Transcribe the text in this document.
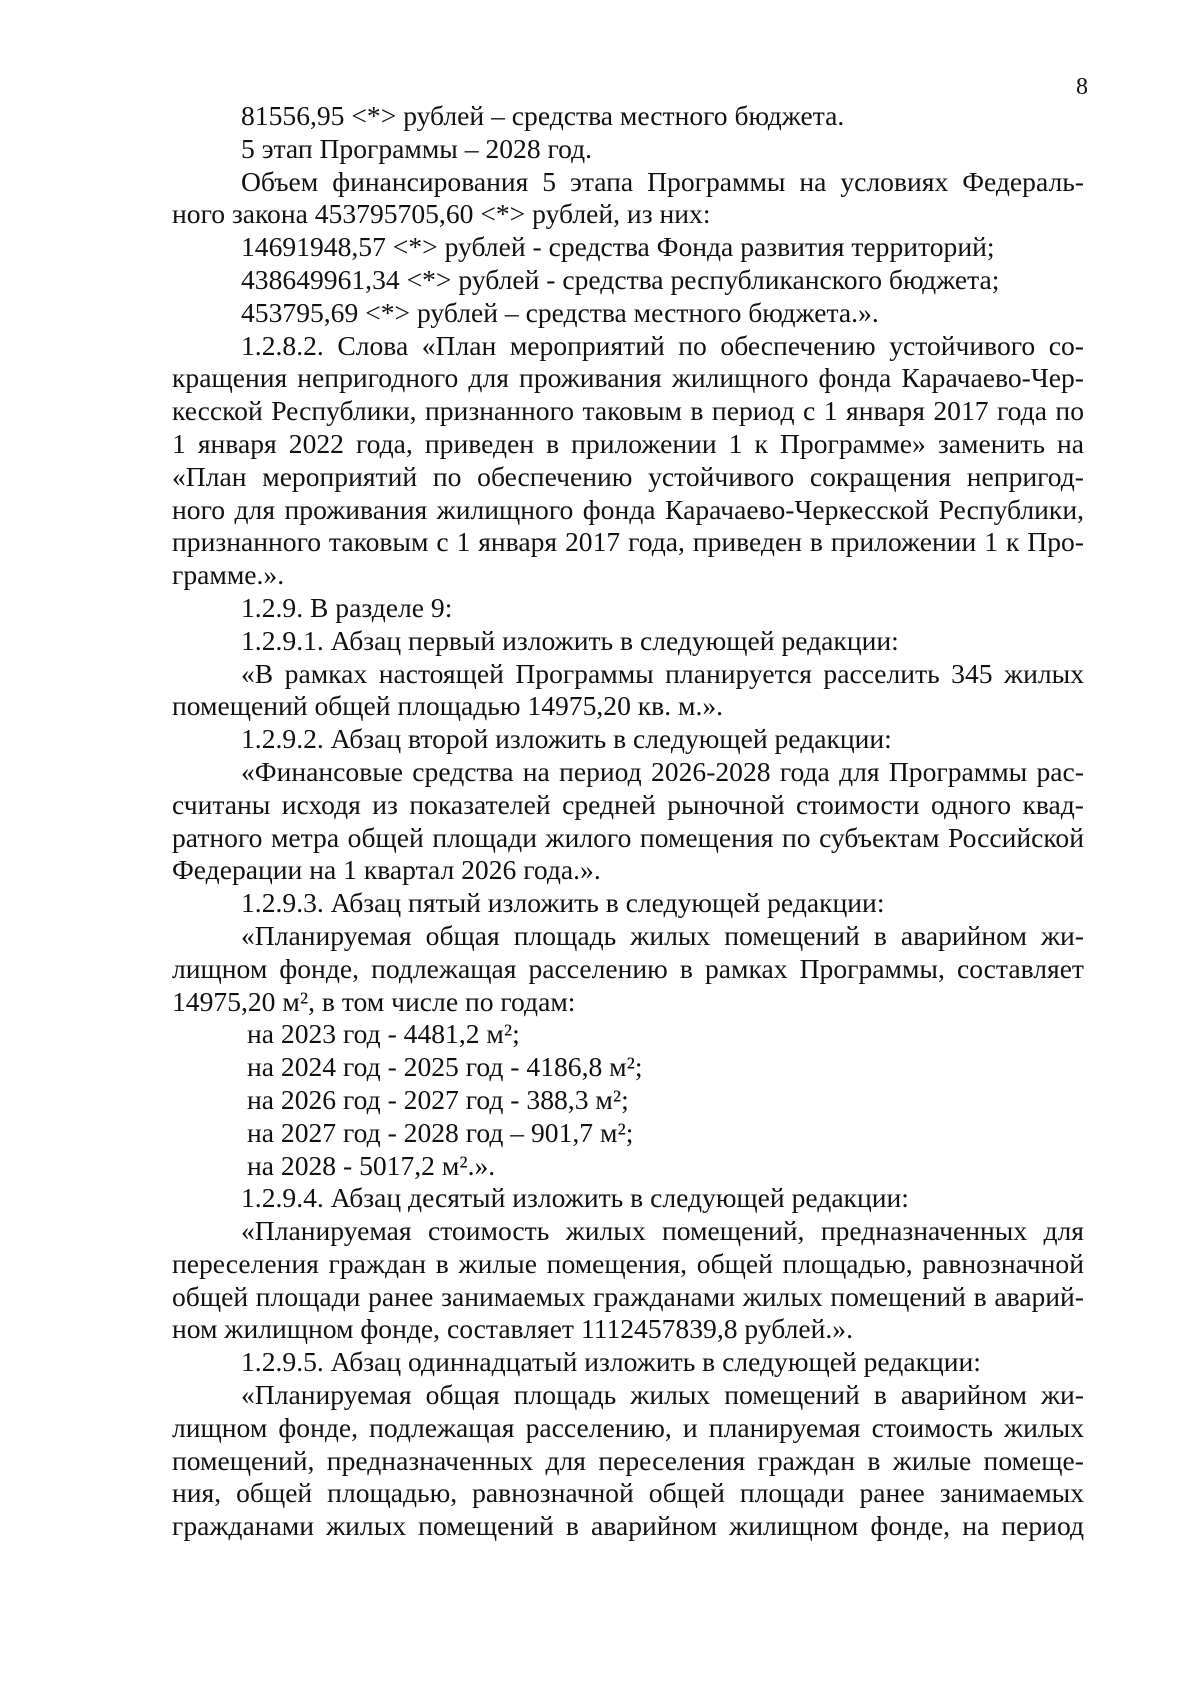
8
81556,95 <*> рублей – средства местного бюджета.
5 этап Программы – 2028 год.
Объем финансирования 5 этапа Программы на условиях Федераль-
ного закона 453795705,60 <*> рублей, из них:
14691948,57 <*> рублей - средства Фонда развития территорий;
438649961,34 <*> рублей - средства республиканского бюджета;
453795,69 <*> рублей – средства местного бюджета.».
1.2.8.2. Слова «План мероприятий по обеспечению устойчивого со-
кращения непригодного для проживания жилищного фонда Карачаево-Чер-
кесской Республики, признанного таковым в период с 1 января 2017 года по
1 января 2022 года, приведен в приложении 1 к Программе» заменить на
«План мероприятий по обеспечению устойчивого сокращения непригод-
ного для проживания жилищного фонда Карачаево-Черкесской Республики,
признанного таковым с 1 января 2017 года, приведен в приложении 1 к Про-
грамме.».
1.2.9. В разделе 9:
1.2.9.1. Абзац первый изложить в следующей редакции:
«В рамках настоящей Программы планируется расселить 345 жилых
помещений общей площадью 14975,20 кв. м.».
1.2.9.2. Абзац второй изложить в следующей редакции:
«Финансовые средства на период 2026-2028 года для Программы рас-
считаны исходя из показателей средней рыночной стоимости одного квад-
ратного метра общей площади жилого помещения по субъектам Российской
Федерации на 1 квартал 2026 года.».
1.2.9.3. Абзац пятый изложить в следующей редакции:
«Планируемая общая площадь жилых помещений в аварийном жи-
лищном фонде, подлежащая расселению в рамках Программы, составляет
14975,20 м², в том числе по годам:
на 2023 год - 4481,2 м²;
на 2024 год - 2025 год - 4186,8 м²;
на 2026 год - 2027 год - 388,3 м²;
на 2027 год - 2028 год – 901,7 м²;
на 2028 - 5017,2 м².».
1.2.9.4. Абзац десятый изложить в следующей редакции:
«Планируемая стоимость жилых помещений, предназначенных для
переселения граждан в жилые помещения, общей площадью, равнозначной
общей площади ранее занимаемых гражданами жилых помещений в аварий-
ном жилищном фонде, составляет 1112457839,8 рублей.».
1.2.9.5. Абзац одиннадцатый изложить в следующей редакции:
«Планируемая общая площадь жилых помещений в аварийном жи-
лищном фонде, подлежащая расселению, и планируемая стоимость жилых
помещений, предназначенных для переселения граждан в жилые помеще-
ния, общей площадью, равнозначной общей площади ранее занимаемых
гражданами жилых помещений в аварийном жилищном фонде, на период
